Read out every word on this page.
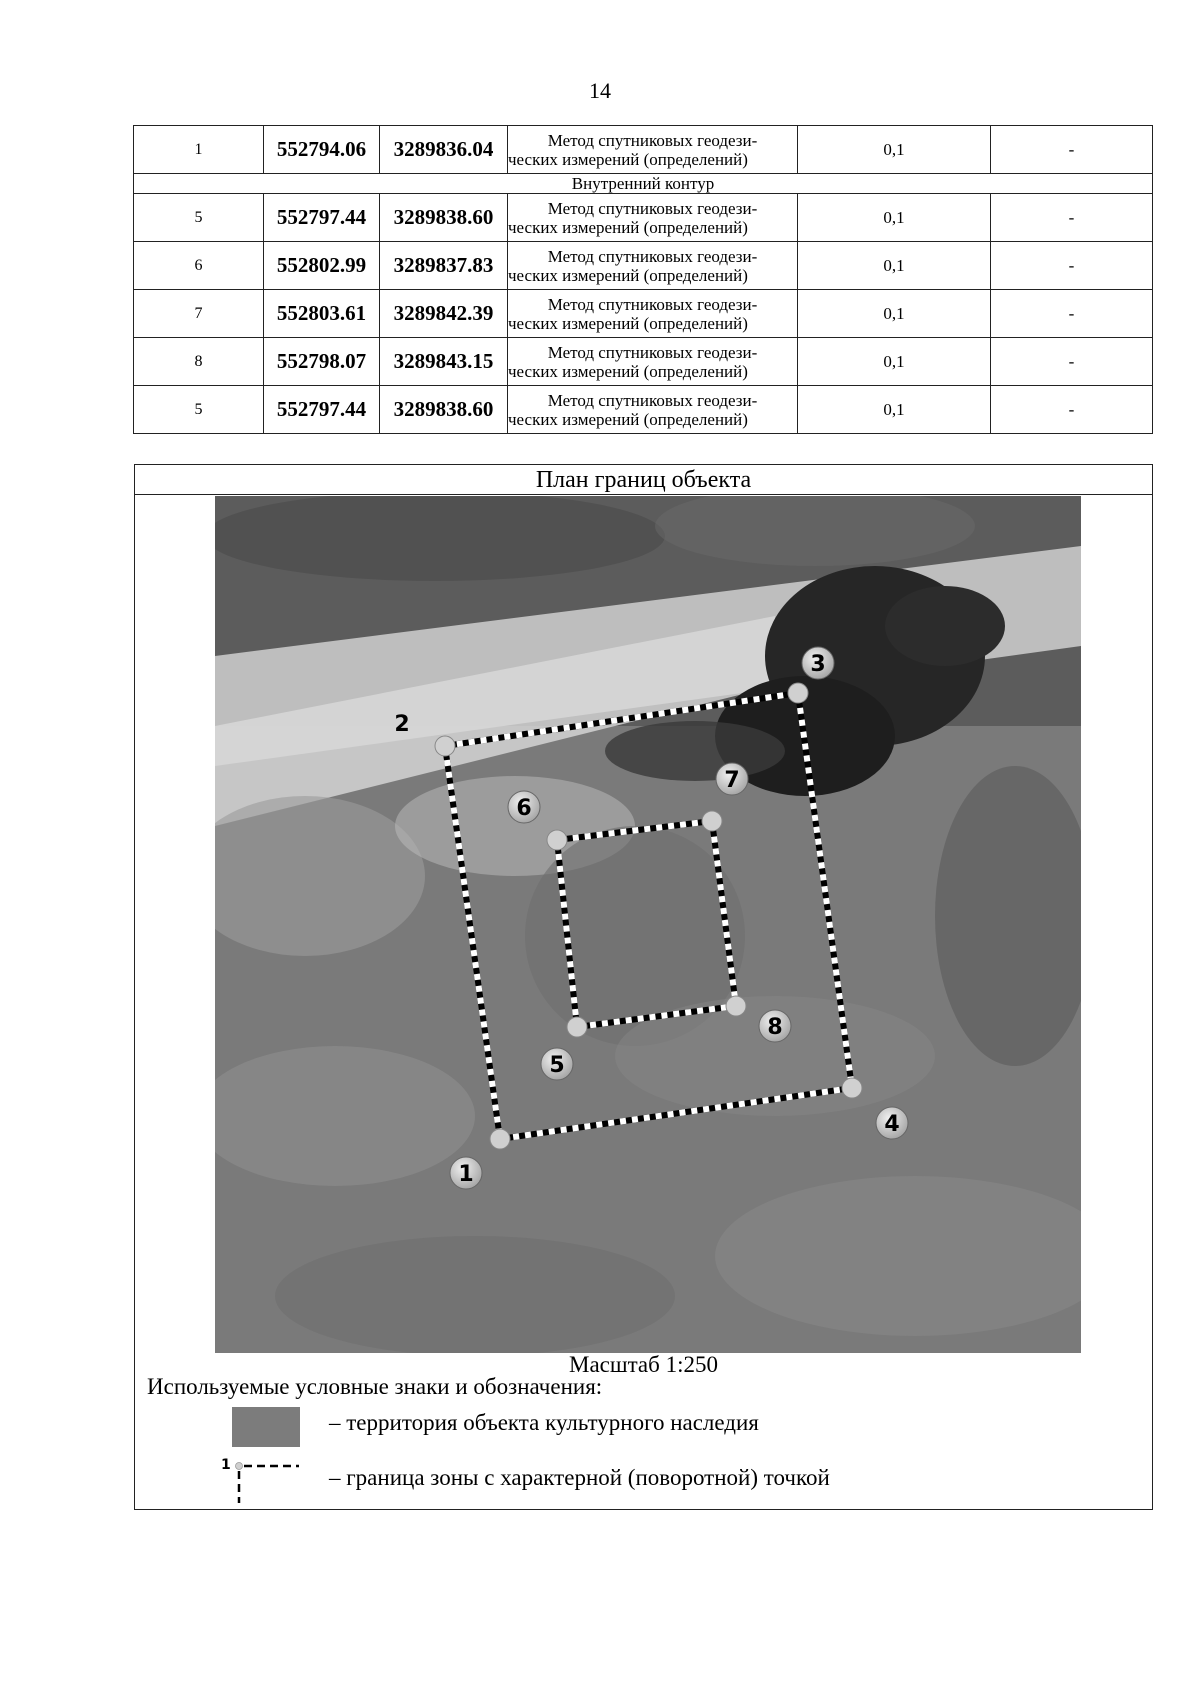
14
1	552794.06	3289836.04	Метод спутниковых геодези-
ческих измерений (определений)	0,1	-
Внутренний контур					
5	552797.44	3289838.60	Метод спутниковых геодези-
ческих измерений (определений)	0,1	-
6	552802.99	3289837.83	Метод спутниковых геодези-
ческих измерений (определений)	0,1	-
7	552803.61	3289842.39	Метод спутниковых геодези-
ческих измерений (определений)	0,1	-
8	552798.07	3289843.15	Метод спутниковых геодези-
ческих измерений (определений)	0,1	-
5	552797.44	3289838.60	Метод спутниковых геодези-
ческих измерений (определений)	0,1	-
План границ объекта
1
2
3
4
5
6
7
8
Масштаб 1:250
Используемые условные знаки и обозначения:
– территория объекта культурного наследия
1	– граница зоны с характерной (поворотной) точкой
